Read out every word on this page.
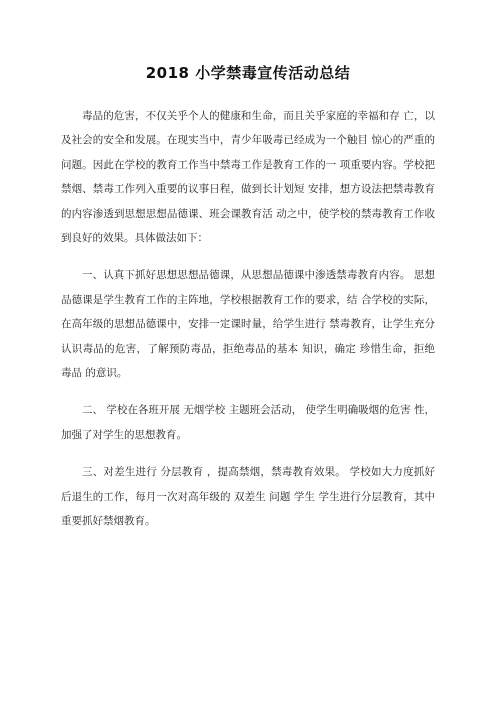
2018 小学禁毒宣传活动总结

毒品的危害，不仅关乎个人的健康和生命，而且关乎家庭的幸福和存 亡，以及社会的安全和发展。在现实当中，青少年吸毒已经成为一个触目 惊心的严重的问题。因此在学校的教育工作当中禁毒工作是教育工作的一 项重要内容。学校把禁烟、禁毒工作列入重要的议事日程，做到长计划短 安排，想方设法把禁毒教育的内容渗透到思想思想品德课、班会课教育活 动之中，使学校的禁毒教育工作收到良好的效果。具体做法如下：

一、认真下抓好思想思想品德课，从思想品德课中渗透禁毒教育内容。 思想品德课是学生教育工作的主阵地，学校根据教育工作的要求，结 合学校的实际，在高年级的思想品德课中，安排一定课时量，给学生进行 禁毒教育，让学生充分认识毒品的危害，了解预防毒品，拒绝毒品的基本 知识，确定 珍惜生命，拒绝毒品 的意识。

二、 学校在各班开展 无烟学校 主题班会活动， 使学生明确吸烟的危害 性，加强了对学生的思想教育。

三、对差生进行 分层教育 ，提高禁烟，禁毒教育效果。 学校如大力度抓好后退生的工作，每月一次对高年级的 双差生 问题 学生 学生进行分层教育，其中重要抓好禁烟教育。
